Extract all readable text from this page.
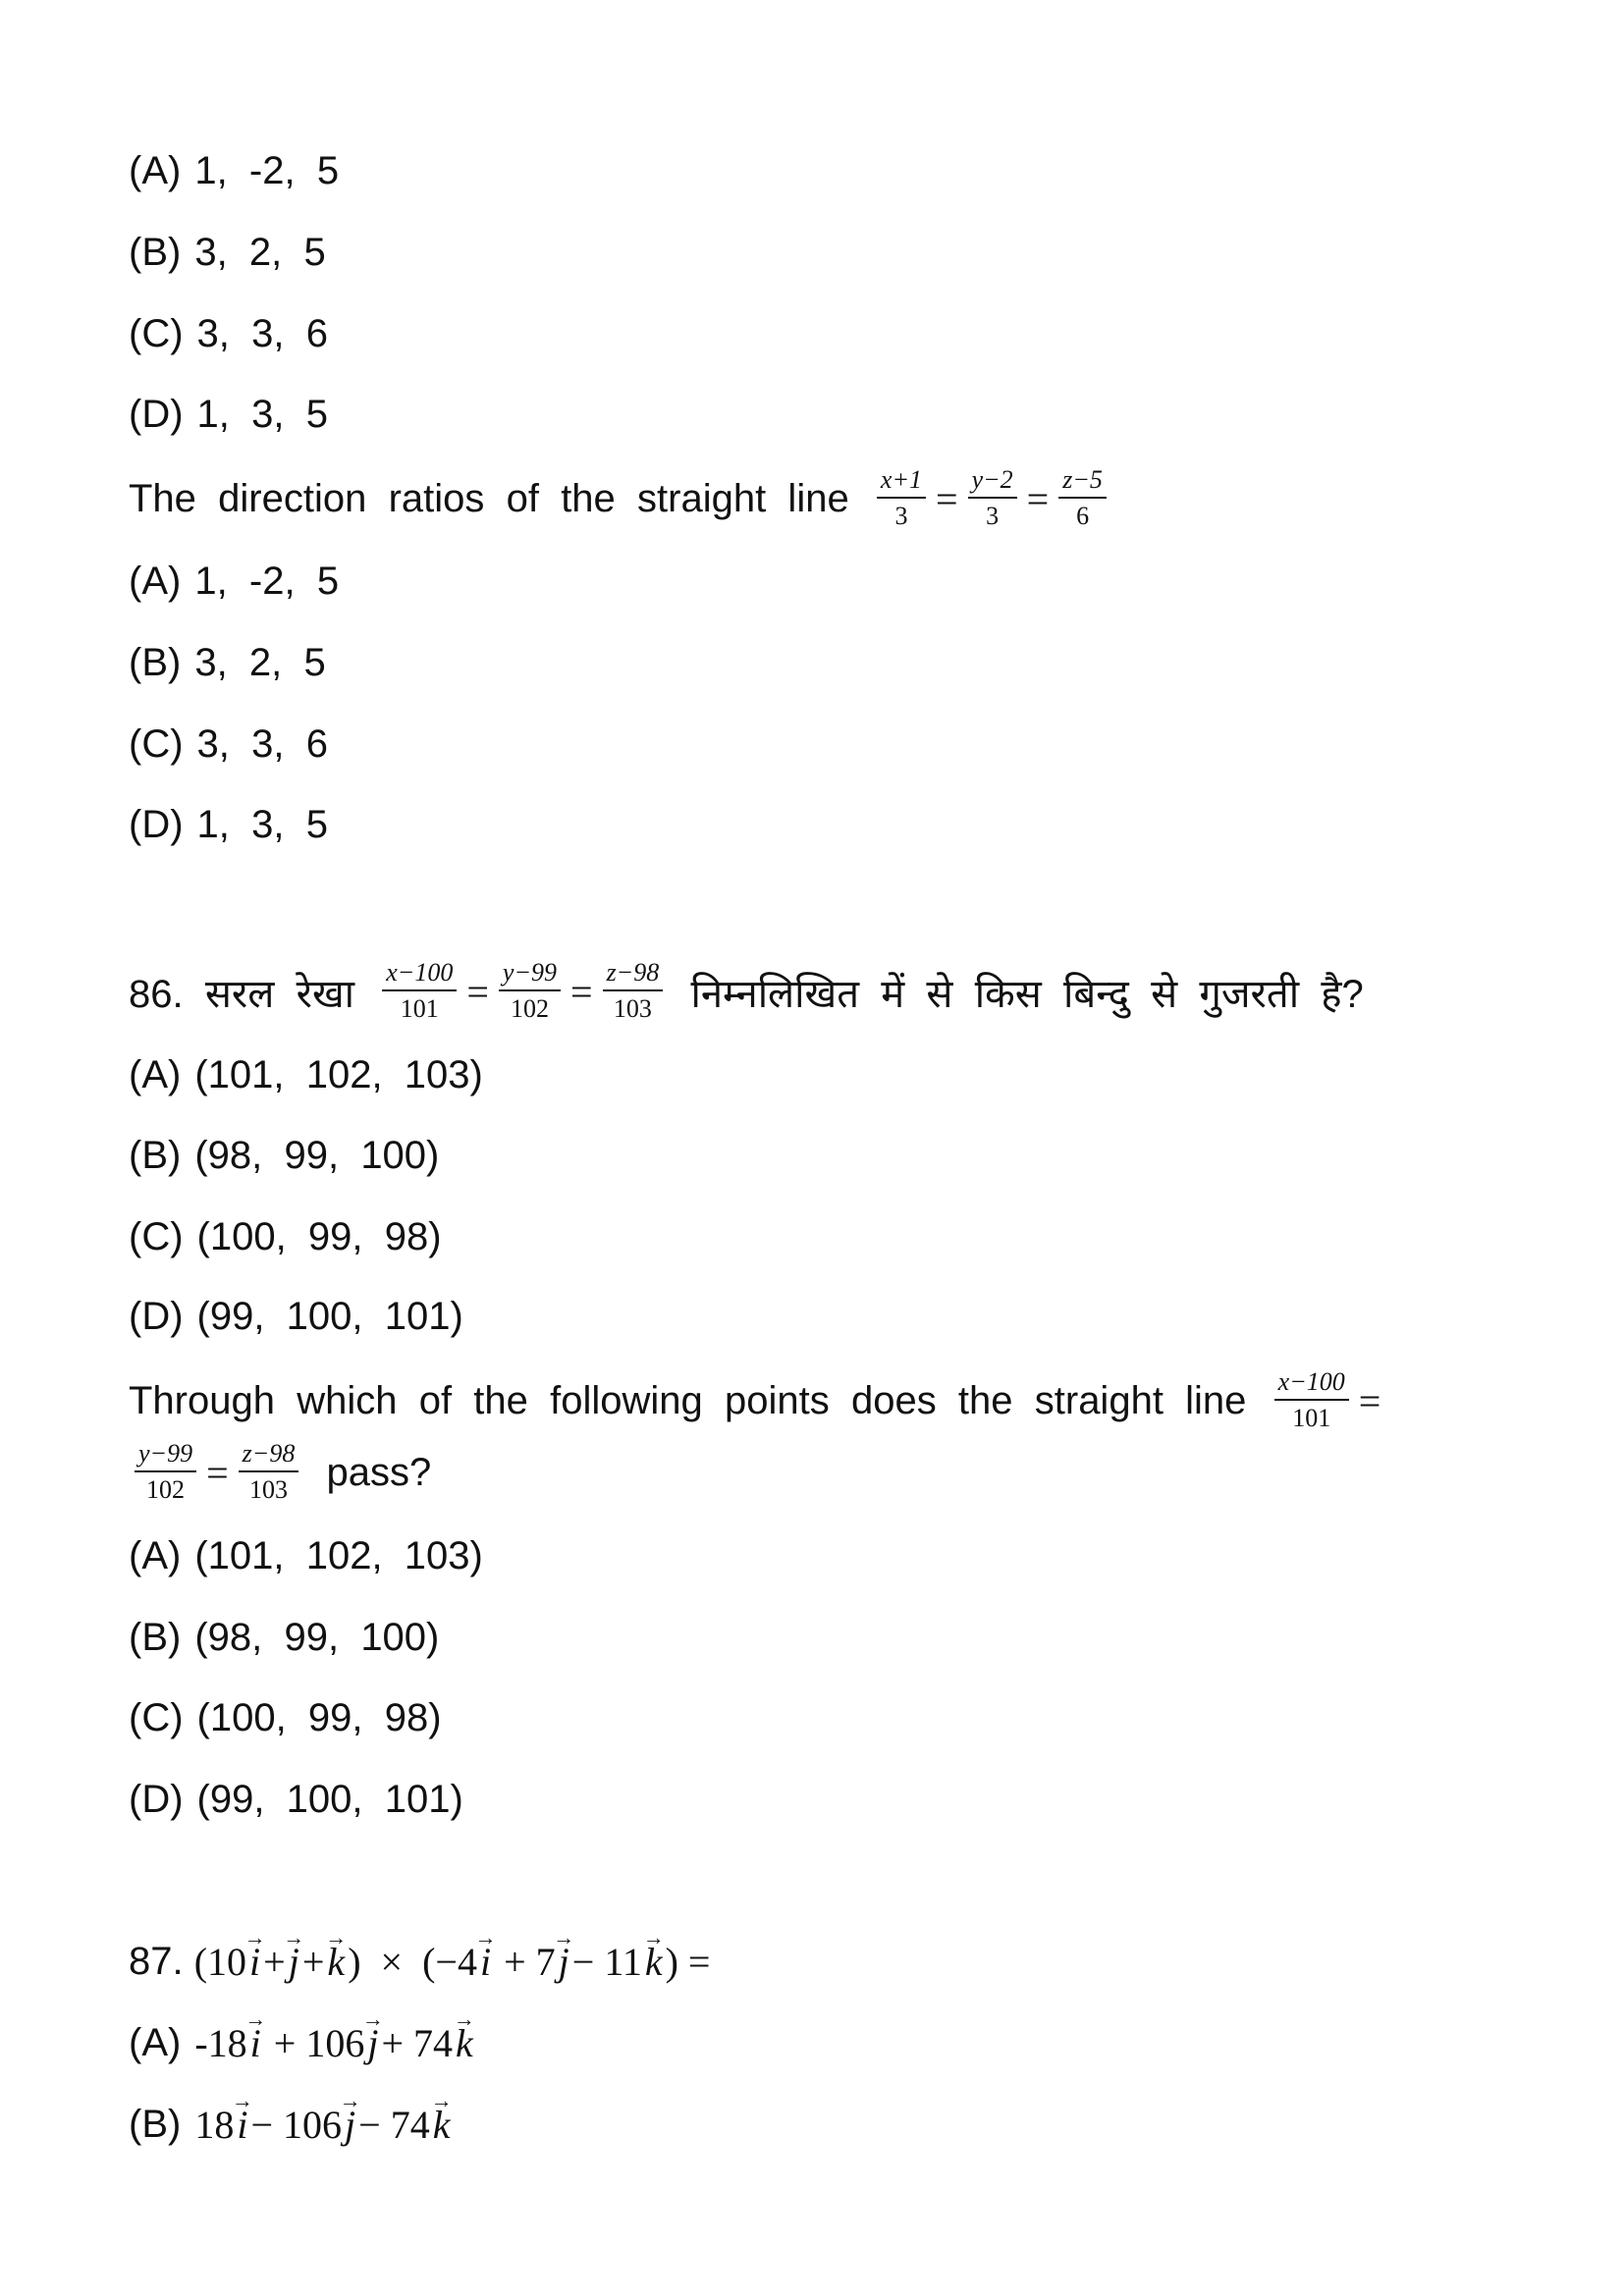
(A) 1,  -2,  5
(B) 3,  2,  5
(C) 3,  3,  6
(D) 1,  3,  5
The  direction  ratios  of  the  straight  line $\frac{x+1}{3} = \frac{y-2}{3} = \frac{z-5}{6}$
(A) 1,  -2,  5
(B) 3,  2,  5
(C) 3,  3,  6
(D) 1,  3,  5
86.  सरल  रेखा $\frac{x-100}{101} = \frac{y-99}{102} = \frac{z-98}{103}$ निम्नलिखित  में  से  किस  बिन्दु  से  गुजरती  है?
(A) (101,  102,  103)
(B) (98,  99,  100)
(C) (100,  99,  98)
(D) (99,  100,  101)
Through  which  of  the  following  points  does  the  straight  line $\frac{x-100}{101}$ =
$\frac{y-99}{102} = \frac{z-98}{103}$ pass?
(A) (101,  102,  103)
(B) (98,  99,  100)
(C) (100,  99,  98)
(D) (99,  100,  101)
87. (10 → i + → j + → k )  ×  (−4 → i + 7 → j − 11 → k ) =
(A) -18 → i + 106 → j + 74 → k
(B) 18 → i − 106 → j − 74 → k
